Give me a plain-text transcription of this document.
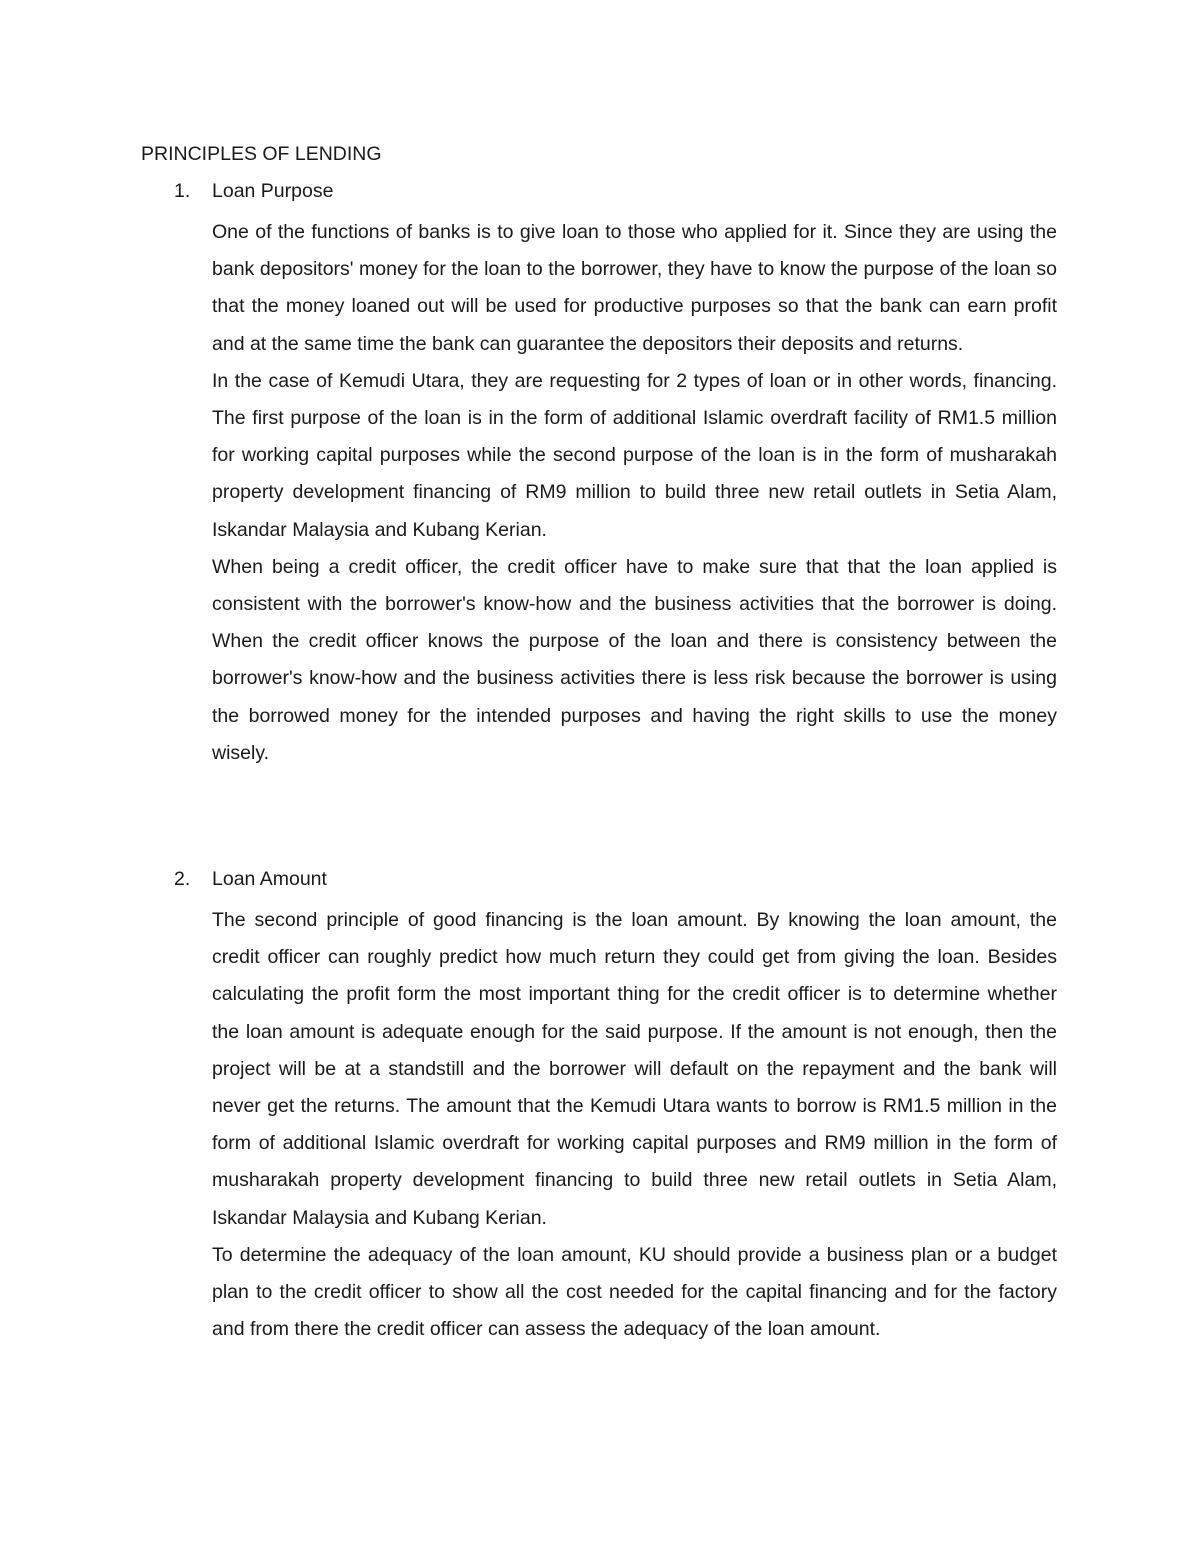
PRINCIPLES OF LENDING
1.	Loan Purpose

One of the functions of banks is to give loan to those who applied for it. Since they are using the bank depositors' money for the loan to the borrower, they have to know the purpose of the loan so that the money loaned out will be used for productive purposes so that the bank can earn profit and at the same time the bank can guarantee the depositors their deposits and returns.

In the case of Kemudi Utara, they are requesting for 2 types of loan or in other words, financing. The first purpose of the loan is in the form of additional Islamic overdraft facility of RM1.5 million for working capital purposes while the second purpose of the loan is in the form of musharakah property development financing of RM9 million to build three new retail outlets in Setia Alam, Iskandar Malaysia and Kubang Kerian.

When being a credit officer, the credit officer have to make sure that that the loan applied is consistent with the borrower's know-how and the business activities that the borrower is doing. When the credit officer knows the purpose of the loan and there is consistency between the borrower's know-how and the business activities there is less risk because the borrower is using the borrowed money for the intended purposes and having the right skills to use the money wisely.

2.	Loan Amount

The second principle of good financing is the loan amount. By knowing the loan amount, the credit officer can roughly predict how much return they could get from giving the loan. Besides calculating the profit form the most important thing for the credit officer is to determine whether the loan amount is adequate enough for the said purpose. If the amount is not enough, then the project will be at a standstill and the borrower will default on the repayment and the bank will never get the returns. The amount that the Kemudi Utara wants to borrow is RM1.5 million in the form of additional Islamic overdraft for working capital purposes and RM9 million in the form of musharakah property development financing to build three new retail outlets in Setia Alam, Iskandar Malaysia and Kubang Kerian.

To determine the adequacy of the loan amount, KU should provide a business plan or a budget plan to the credit officer to show all the cost needed for the capital financing and for the factory and from there the credit officer can assess the adequacy of the loan amount.
